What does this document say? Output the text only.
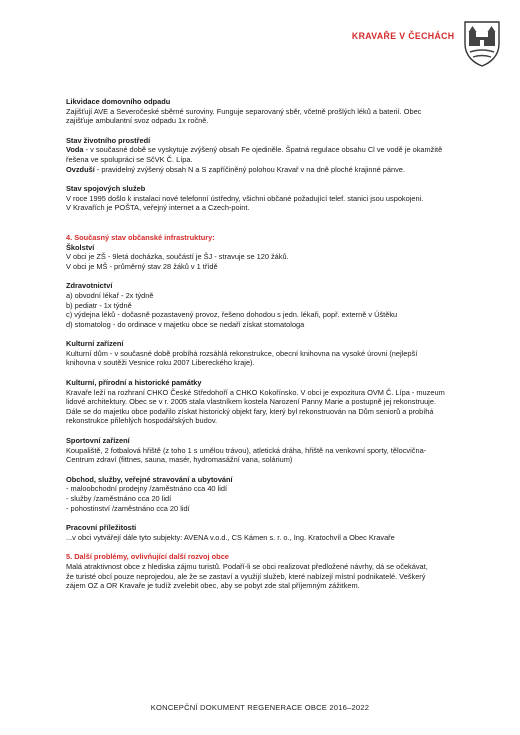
KRAVAŘE V ČECHÁCH

Likvidace domovního odpadu

Zajišťují AVE a Severočeské sběrné suroviny. Funguje separovaný sběr, včetně prošlých léků a baterií. Obec

zajišťuje ambulantní svoz odpadu 1x ročně.

Stav životního prostředí

Voda - v současné době se vyskytuje zvýšený obsah Fe ojediněle. Špatná regulace obsahu Cl ve vodě je okamžitě

řešena ve spolupráci se SčVK Č. Lípa.

Ovzduší - pravidelný zvýšený obsah N a S zapříčiněný polohou Kravař v na dně ploché krajinné pánve.

Stav spojových služeb

V roce 1995 došlo k instalaci nové telefonní ústředny, všichni občané požadující telef. stanici jsou uspokojeni.

V Kravařích je POŠTA, veřejný internet a a Czech-point.

4. Současný stav občanské infrastruktury:

Školství

V obci je ZŠ - 9letá docházka, součástí je ŠJ - stravuje se 120 žáků.

V obci je MŠ - průměrný stav 28 žáků v 1 třídě

Zdravotnictví

a) obvodní lékař - 2x týdně

b) pediatr - 1x týdně

c) výdejna léků - dočasně pozastavený provoz, řešeno dohodou s jedn. lékaři, popř. externě v Úštěku

d) stomatolog - do ordinace v majetku obce se nedaří získat stomatologa

Kulturní zařízení

Kulturní dům - v současné době probíhá rozsáhlá rekonstrukce, obecní knihovna na vysoké úrovni (nejlepší

knihovna v soutěži Vesnice roku 2007 Libereckého kraje).

Kulturní, přírodní a historické památky

Kravaře leží na rozhraní CHKO České Středohoří a CHKO Kokořínsko. V obci je expozitura OVM Č. Lípa - muzeum

lidové architektury. Obec se v r. 2005 stala vlastníkem kostela Narození Panny Marie a postupně jej rekonstruuje.

Dále se do majetku obce podařilo získat historický objekt fary, který byl rekonstruován na Dům seniorů a probíhá

rekonstrukce přilehlých hospodářských budov.

Sportovní zařízení

Koupaliště, 2 fotbalová hřiště (z toho 1 s umělou trávou), atletická dráha, hřiště na venkovní sporty, tělocvična-

Centrum zdraví (fittnes, sauna, masér, hydromasážní vana, solárium)

Obchod, služby, veřejné stravování a ubytování

- maloobchodní prodejny /zaměstnáno cca 40 lidí

- služby /zaměstnáno cca 20 lidí

- pohostinství /zaměstnáno cca 20 lidí

Pracovní příležitosti

...v obci vytvářejí dále tyto subjekty: AVENA v.o.d., CS Kámen s. r. o., Ing. Kratochvíl a Obec Kravaře

5. Další problémy, ovlivňující další rozvoj obce

Malá atraktivnost obce z hlediska zájmu turistů. Podaří-li se obci realizovat předložené návrhy, dá se očekávat,

že turisté obcí pouze neprojedou, ale že se zastaví a využijí služeb, které nabízejí místní podnikatelé. Veškerý

zájem OZ a OR Kravaře je tudíž zvelebit obec, aby se pobyt zde stal příjemným zážitkem.

KONCEPČNÍ DOKUMENT REGENERACE OBCE 2016–2022
